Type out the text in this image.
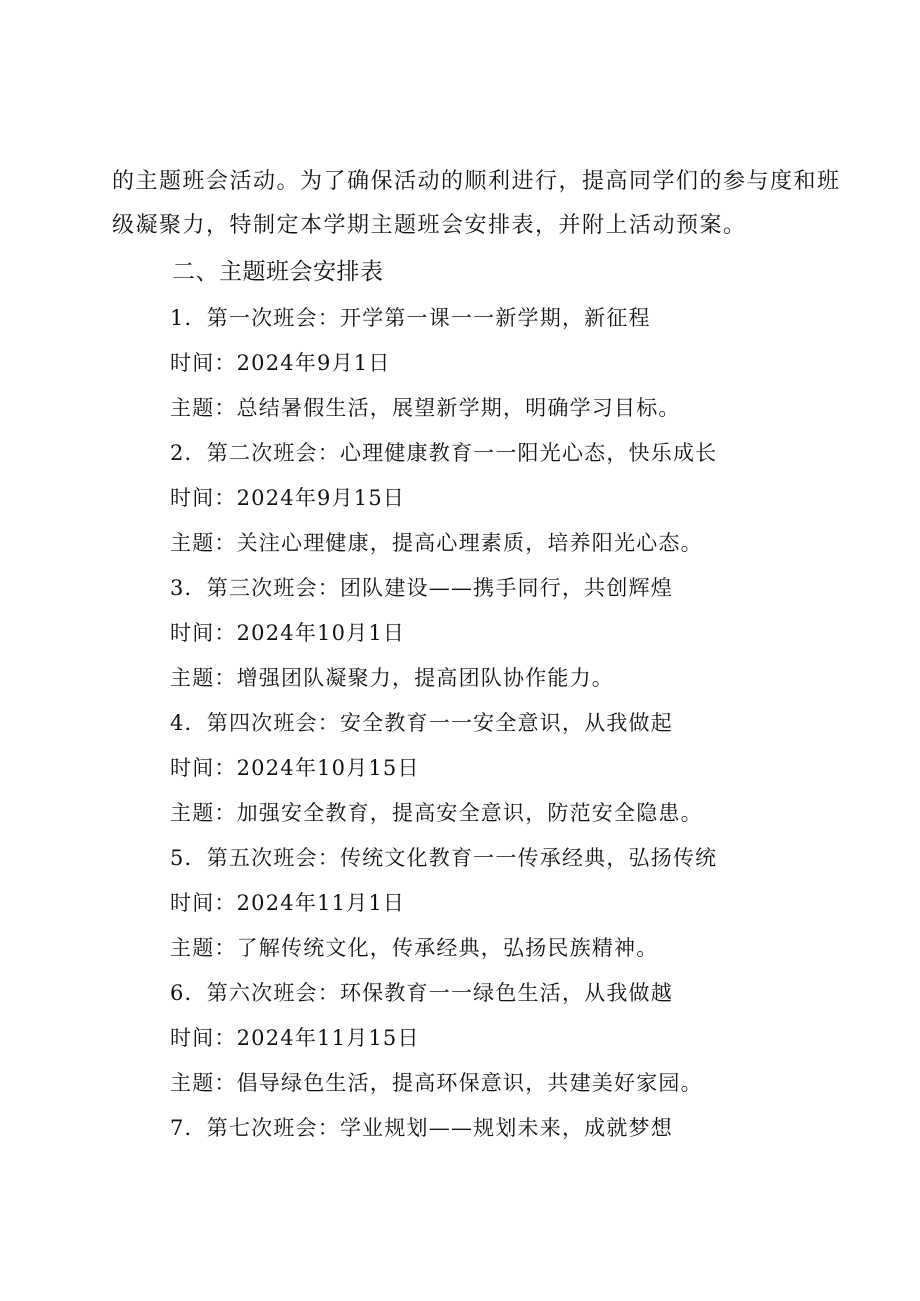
的主题班会活动。为了确保活动的顺利进行，提高同学们的参与度和班

级凝聚力，特制定本学期主题班会安排表，并附上活动预案。

二、主题班会安排表
1．第一次班会：开学第一课一一新学期，新征程
时间：2024年9月1日
主题：总结暑假生活，展望新学期，明确学习目标。
2．第二次班会：心理健康教育一一阳光心态，快乐成长
时间：2024年9月15日
主题：关注心理健康，提高心理素质，培养阳光心态。
3．第三次班会：团队建设——携手同行，共创辉煌
时间：2024年10月1日
主题：增强团队凝聚力，提高团队协作能力。
4．第四次班会：安全教育一一安全意识，从我做起
时间：2024年10月15日
主题：加强安全教育，提高安全意识，防范安全隐患。
5．第五次班会：传统文化教育一一传承经典，弘扬传统
时间：2024年11月1日
主题：了解传统文化，传承经典，弘扬民族精神。
6．第六次班会：环保教育一一绿色生活，从我做越
时间：2024年11月15日
主题：倡导绿色生活，提高环保意识，共建美好家园。
7．第七次班会：学业规划——规划未来，成就梦想
